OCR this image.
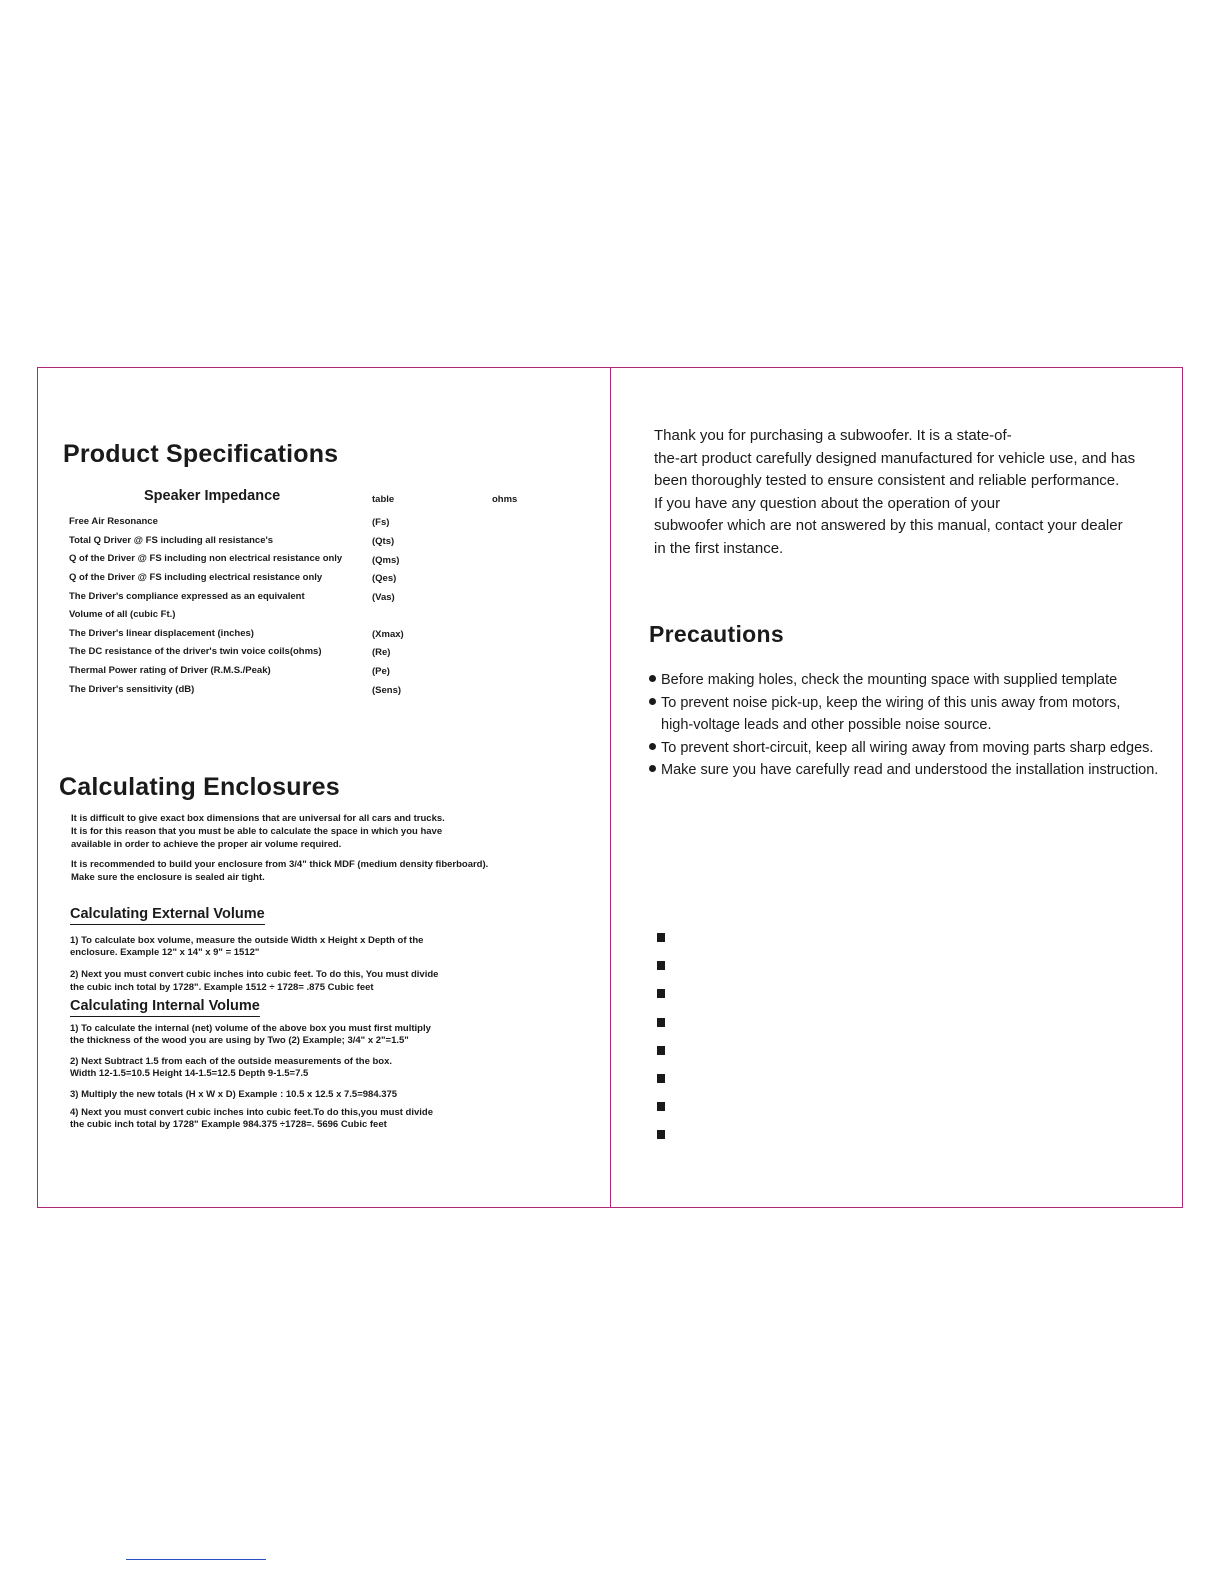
Product Specifications
Speaker Impedance	table	ohms
Free Air Resonance	(Fs)
Total Q Driver @ FS including all resistance's	(Qts)
Q of the Driver @ FS including non electrical resistance only	(Qms)
Q of the Driver @ FS including electrical resistance only	(Qes)
The Driver's compliance expressed as an equivalent	(Vas)
Volume of all (cubic Ft.)
The Driver's linear displacement (inches)	(Xmax)
The DC resistance of the driver's twin voice coils(ohms)	(Re)
Thermal Power rating of Driver (R.M.S./Peak)	(Pe)
The Driver's sensitivity (dB)	(Sens)
Calculating Enclosures
It is difficult to give exact box dimensions that are universal for all cars and trucks.
It is for this reason that you must be able to calculate the space in which you have
available in order to achieve the proper air volume required.
It is recommended to build your enclosure from 3/4" thick MDF (medium density fiberboard).
Make sure the enclosure is sealed air tight.
Calculating External Volume
1) To calculate box volume, measure the outside Width x Height x Depth of the
enclosure. Example 12" x 14" x 9" = 1512"
2) Next you must convert cubic inches into cubic feet. To do this, You must divide
the cubic inch total by 1728". Example 1512 ÷ 1728= .875 Cubic feet
Calculating Internal Volume
1) To calculate the internal (net) volume of the above box you must first multiply
the thickness of the wood you are using by Two (2) Example; 3/4" x 2"=1.5"
2) Next Subtract 1.5 from each of the outside measurements of the box.
Width 12-1.5=10.5 Height 14-1.5=12.5 Depth 9-1.5=7.5
3) Multiply the new totals (H x W x D) Example : 10.5 x 12.5 x 7.5=984.375
4) Next you must convert cubic inches into cubic feet.To do this,you must divide
the cubic inch total by 1728" Example 984.375 ÷1728=. 5696 Cubic feet
Thank you for purchasing a subwoofer. It is a state-of-
the-art product carefully designed manufactured for vehicle use, and has
been thoroughly tested to ensure consistent and reliable performance.
If you have any question about the operation of your
subwoofer which are not answered by this manual, contact your dealer
in the first instance.
Precautions
Before making holes, check the mounting space with supplied template
To prevent noise pick-up, keep the wiring of this unis away from motors,
high-voltage leads and other possible noise source.
To prevent short-circuit, keep all wiring away from moving parts sharp edges.
Make sure you have carefully read and understood the installation instruction.
